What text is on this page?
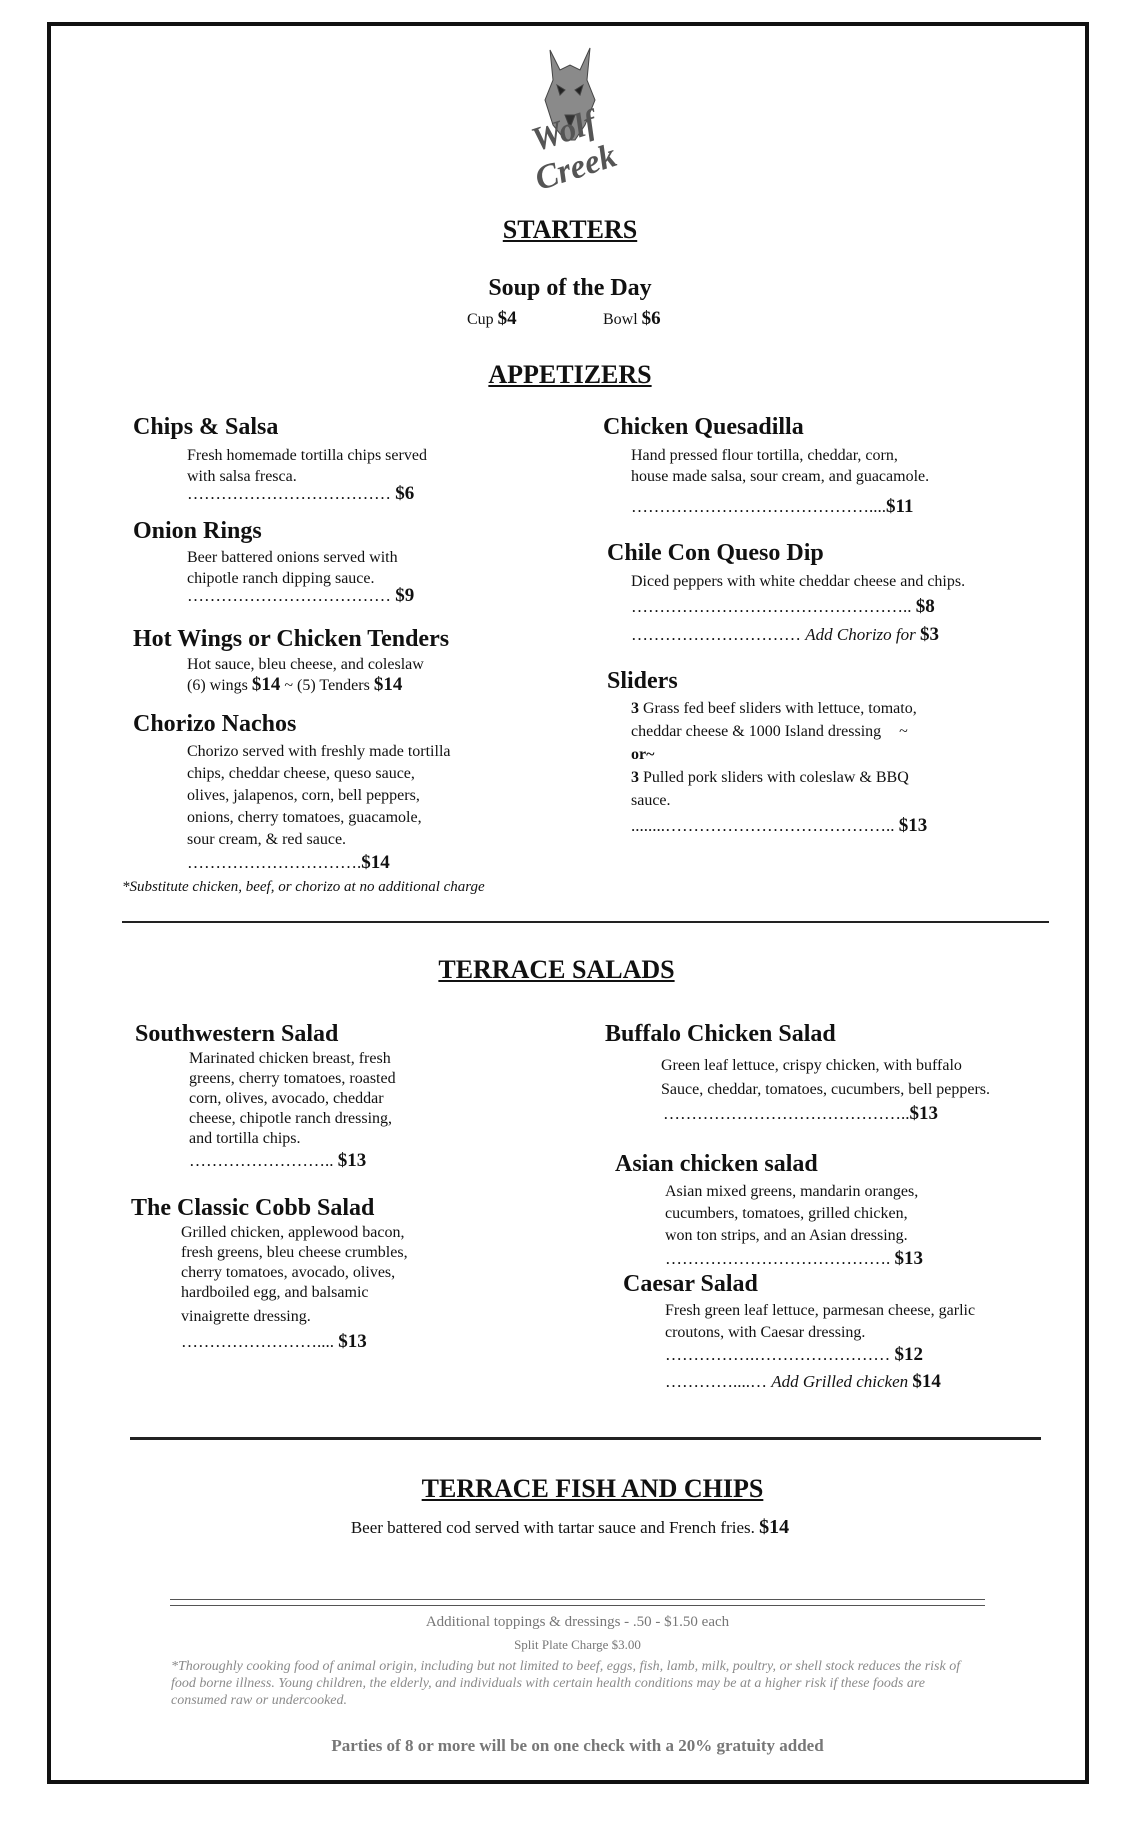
Wolf Creek
STARTERS
Soup of the Day
Cup $4	Bowl $6
APPETIZERS
Chips & Salsa
Fresh homemade tortilla chips served
with salsa fresca.
……………………………… $6
Onion Rings
Beer battered onions served with
chipotle ranch dipping sauce.
……………………………… $9
Hot Wings or Chicken Tenders
Hot sauce, bleu cheese, and coleslaw
(6) wings $14 ~ (5) Tenders $14
Chorizo Nachos
Chorizo served with freshly made tortilla
chips, cheddar cheese, queso sauce,
olives, jalapenos, corn, bell peppers,
onions, cherry tomatoes, guacamole,
sour cream, & red sauce.
………………………….$14
*Substitute chicken, beef, or chorizo at no additional charge
Chicken Quesadilla
Hand pressed flour tortilla, cheddar, corn,
house made salsa, sour cream, and guacamole.
……………………………………....$11
Chile Con Queso Dip
Diced peppers with white cheddar cheese and chips.
………………………………………….. $8
………………………… Add Chorizo for $3
Sliders
3 Grass fed beef sliders with lettuce, tomato,
cheddar cheese & 1000 Island dressing ~
or~
3 Pulled pork sliders with coleslaw & BBQ
sauce.
........………………………………….. $13
TERRACE SALADS
Southwestern Salad
Marinated chicken breast, fresh
greens, cherry tomatoes, roasted
corn, olives, avocado, cheddar
cheese, chipotle ranch dressing,
and tortilla chips.
…………………….. $13
The Classic Cobb Salad
Grilled chicken, applewood bacon,
fresh greens, bleu cheese crumbles,
cherry tomatoes, avocado, olives,
hardboiled egg, and balsamic
vinaigrette dressing.
…………………….... $13
Buffalo Chicken Salad
Green leaf lettuce, crispy chicken, with buffalo
Sauce, cheddar, tomatoes, cucumbers, bell peppers.
……………………………………..$13
Asian chicken salad
Asian mixed greens, mandarin oranges,
cucumbers, tomatoes, grilled chicken,
won ton strips, and an Asian dressing.
…………………………………. $13
Caesar Salad
Fresh green leaf lettuce, parmesan cheese, garlic
croutons, with Caesar dressing.
…………….…………………… $12
…………....… Add Grilled chicken $14
TERRACE FISH AND CHIPS
Beer battered cod served with tartar sauce and French fries. $14
Additional toppings & dressings - .50 - $1.50 each
Split Plate Charge $3.00
*Thoroughly cooking food of animal origin, including but not limited to beef, eggs, fish, lamb, milk, poultry, or shell stock reduces the risk of food borne illness. Young children, the elderly, and individuals with certain health conditions may be at a higher risk if these foods are consumed raw or undercooked.
Parties of 8 or more will be on one check with a 20% gratuity added
